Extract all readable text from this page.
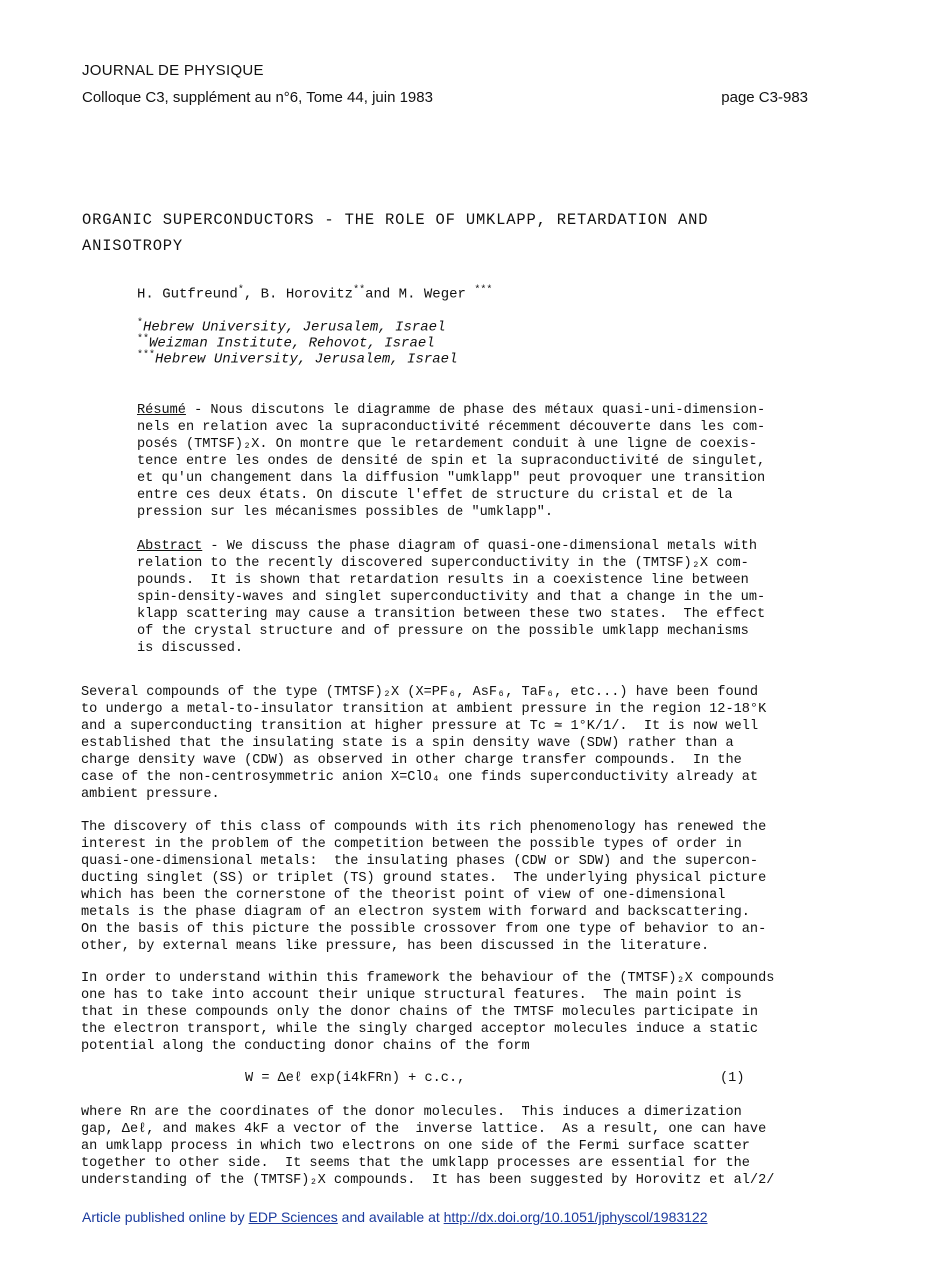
JOURNAL DE PHYSIQUE
Colloque C3, supplément au n°6, Tome 44, juin 1983	page C3-983
ORGANIC SUPERCONDUCTORS - THE ROLE OF UMKLAPP, RETARDATION AND ANISOTROPY
H. Gutfreund*, B. Horovitz**and M. Weger ***
*Hebrew University, Jerusalem, Israel
**Weizman Institute, Rehovot, Israel
***Hebrew University, Jerusalem, Israel
Résumé - Nous discutons le diagramme de phase des métaux quasi-uni-dimension-
nels en relation avec la supraconductivité récemment découverte dans les com-
posés (TMTSF)₂X. On montre que le retardement conduit à une ligne de coexis-
tence entre les ondes de densité de spin et la supraconductivité de singulet,
et qu'un changement dans la diffusion "umklapp" peut provoquer une transition
entre ces deux états. On discute l'effet de structure du cristal et de la
pression sur les mécanismes possibles de "umklapp".
Abstract - We discuss the phase diagram of quasi-one-dimensional metals with
relation to the recently discovered superconductivity in the (TMTSF)₂X com-
pounds.  It is shown that retardation results in a coexistence line between
spin-density-waves and singlet superconductivity and that a change in the um-
klapp scattering may cause a transition between these two states.  The effect
of the crystal structure and of pressure on the possible umklapp mechanisms
is discussed.
Several compounds of the type (TMTSF)₂X (X=PF₆, AsF₆, TaF₆, etc...) have been found
to undergo a metal-to-insulator transition at ambient pressure in the region 12-18°K
and a superconducting transition at higher pressure at Tc ≃ 1°K/1/.  It is now well
established that the insulating state is a spin density wave (SDW) rather than a
charge density wave (CDW) as observed in other charge transfer compounds.  In the
case of the non-centrosymmetric anion X=ClO₄ one finds superconductivity already at
ambient pressure.
The discovery of this class of compounds with its rich phenomenology has renewed the
interest in the problem of the competition between the possible types of order in
quasi-one-dimensional metals:  the insulating phases (CDW or SDW) and the supercon-
ducting singlet (SS) or triplet (TS) ground states.  The underlying physical picture
which has been the cornerstone of the theorist point of view of one-dimensional
metals is the phase diagram of an electron system with forward and backscattering.
On the basis of this picture the possible crossover from one type of behavior to an-
other, by external means like pressure, has been discussed in the literature.
In order to understand within this framework the behaviour of the (TMTSF)₂X compounds
one has to take into account their unique structural features.  The main point is
that in these compounds only the donor chains of the TMTSF molecules participate in
the electron transport, while the singly charged acceptor molecules induce a static
potential along the conducting donor chains of the form
W = Δeℓ exp(i4kFRn) + c.c.,	(1)
where Rn are the coordinates of the donor molecules.  This induces a dimerization
gap, Δeℓ, and makes 4kF a vector of the  inverse lattice.  As a result, one can have
an umklapp process in which two electrons on one side of the Fermi surface scatter
together to other side.  It seems that the umklapp processes are essential for the
understanding of the (TMTSF)₂X compounds.  It has been suggested by Horovitz et al/2/
Article published online by EDP Sciences and available at http://dx.doi.org/10.1051/jphyscol/1983122
